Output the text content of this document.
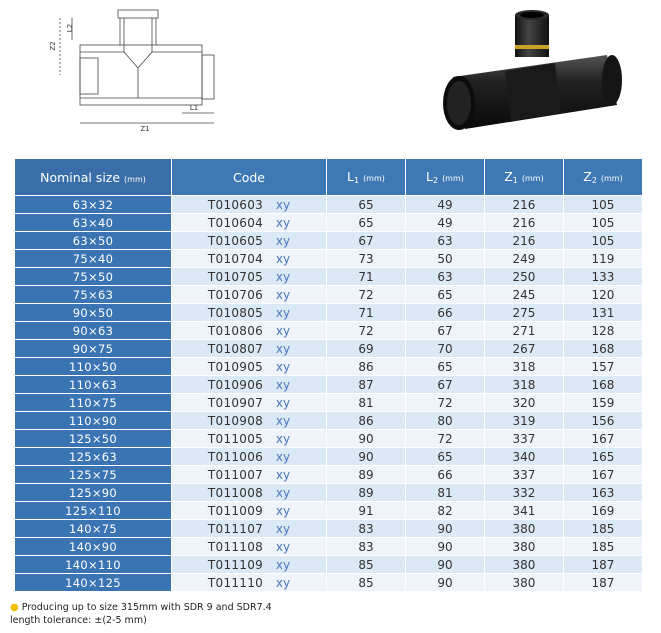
L2
Z2
L1
Z1
Nominal size (mm)	Code	$L_1$ (mm)	$L_2$ (mm)	$Z_1$ (mm)	$Z_2$ (mm)
63×32	T010603 xy	65	49	216	105
63×40	T010604 xy	65	49	216	105
63×50	T010605 xy	67	63	216	105
75×40	T010704 xy	73	50	249	119
75×50	T010705 xy	71	63	250	133
75×63	T010706 xy	72	65	245	120
90×50	T010805 xy	71	66	275	131
90×63	T010806 xy	72	67	271	128
90×75	T010807 xy	69	70	267	168
110×50	T010905 xy	86	65	318	157
110×63	T010906 xy	87	67	318	168
110×75	T010907 xy	81	72	320	159
110×90	T010908 xy	86	80	319	156
125×50	T011005 xy	90	72	337	167
125×63	T011006 xy	90	65	340	165
125×75	T011007 xy	89	66	337	167
125×90	T011008 xy	89	81	332	163
125×110	T011009 xy	91	82	341	169
140×75	T011107 xy	83	90	380	185
140×90	T011108 xy	83	90	380	185
140×110	T011109 xy	85	90	380	187
140×125	T011110 xy	85	90	380	187
● Producing up to size 315mm with SDR 9 and SDR7.4
length tolerance: ±(2-5 mm)
